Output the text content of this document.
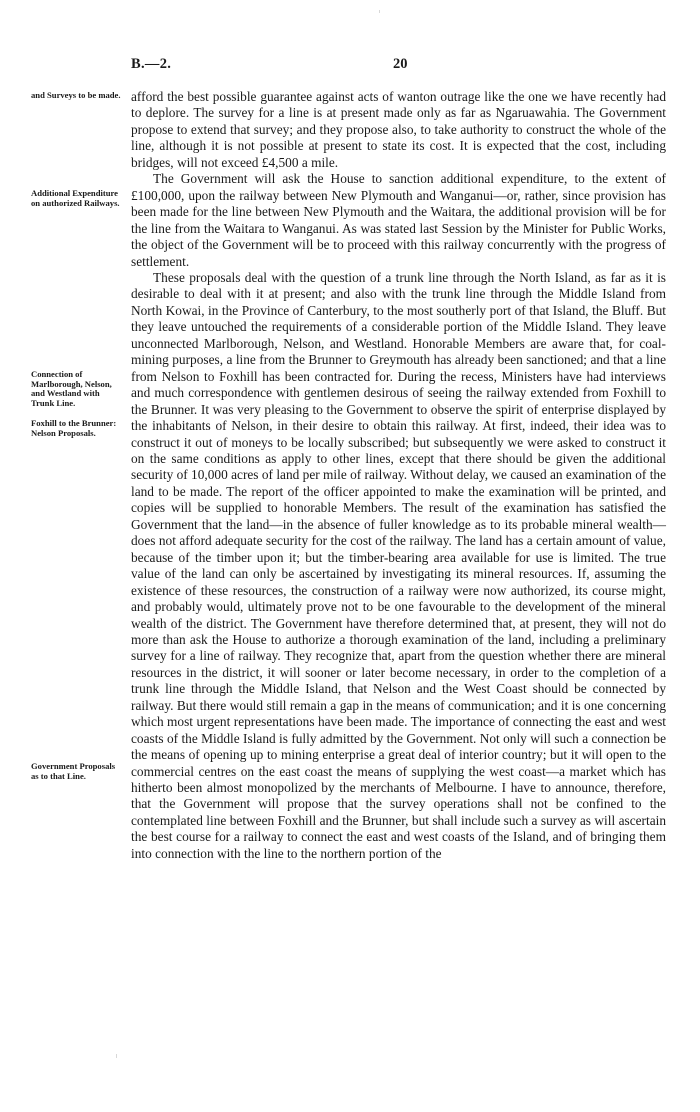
B.—2.	20
and Surveys to be made.
Additional Expenditure on authorized Railways.
Connection of Marlborough, Nelson, and Westland with Trunk Line.
Foxhill to the Brunner: Nelson Proposals.
Government Proposals as to that Line.

afford the best possible guarantee against acts of wanton outrage like the one we have recently had to deplore. The survey for a line is at present made only as far as Ngaruawahia. The Government propose to extend that survey; and they propose also, to take authority to construct the whole of the line, although it is not possible at present to state its cost. It is expected that the cost, including bridges, will not exceed £4,500 a mile.

The Government will ask the House to sanction additional expenditure, to the extent of £100,000, upon the railway between New Plymouth and Wanganui—or, rather, since provision has been made for the line between New Plymouth and the Waitara, the additional provision will be for the line from the Waitara to Wanganui. As was stated last Session by the Minister for Public Works, the object of the Government will be to proceed with this railway concurrently with the progress of settlement.

These proposals deal with the question of a trunk line through the North Island, as far as it is desirable to deal with it at present; and also with the trunk line through the Middle Island from North Kowai, in the Province of Canterbury, to the most southerly port of that Island, the Bluff. But they leave untouched the requirements of a considerable portion of the Middle Island. They leave unconnected Marlborough, Nelson, and Westland. Honorable Members are aware that, for coal-mining purposes, a line from the Brunner to Greymouth has already been sanctioned; and that a line from Nelson to Foxhill has been contracted for. During the recess, Ministers have had interviews and much correspondence with gentlemen desirous of seeing the railway extended from Foxhill to the Brunner. It was very pleasing to the Government to observe the spirit of enterprise displayed by the inhabitants of Nelson, in their desire to obtain this railway. At first, indeed, their idea was to construct it out of moneys to be locally subscribed; but subsequently we were asked to construct it on the same conditions as apply to other lines, except that there should be given the additional security of 10,000 acres of land per mile of railway. Without delay, we caused an examination of the land to be made. The report of the officer appointed to make the examination will be printed, and copies will be supplied to honorable Members. The result of the examination has satisfied the Government that the land—in the absence of fuller knowledge as to its probable mineral wealth—does not afford adequate security for the cost of the railway. The land has a certain amount of value, because of the timber upon it; but the timber-bearing area available for use is limited. The true value of the land can only be ascertained by investigating its mineral resources. If, assuming the existence of these resources, the construction of a railway were now authorized, its course might, and probably would, ultimately prove not to be one favourable to the development of the mineral wealth of the district. The Government have therefore determined that, at present, they will not do more than ask the House to authorize a thorough examination of the land, including a preliminary survey for a line of railway. They recognize that, apart from the question whether there are mineral resources in the district, it will sooner or later become necessary, in order to the completion of a trunk line through the Middle Island, that Nelson and the West Coast should be connected by railway. But there would still remain a gap in the means of communication; and it is one concerning which most urgent representations have been made. The importance of connecting the east and west coasts of the Middle Island is fully admitted by the Government. Not only will such a connection be the means of opening up to mining enterprise a great deal of interior country; but it will open to the commercial centres on the east coast the means of supplying the west coast—a market which has hitherto been almost monopolized by the merchants of Melbourne. I have to announce, therefore, that the Government will propose that the survey operations shall not be confined to the contemplated line between Foxhill and the Brunner, but shall include such a survey as will ascertain the best course for a railway to connect the east and west coasts of the Island, and of bringing them into connection with the line to the northern portion of the
